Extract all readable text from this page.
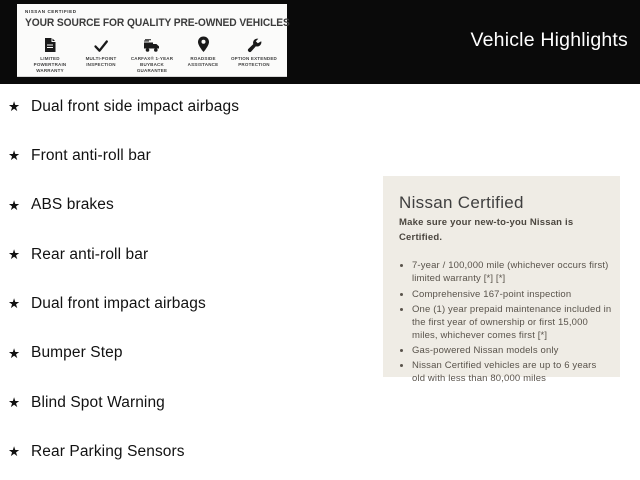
NISSAN CERTIFIED
YOUR SOURCE FOR QUALITY PRE-OWNED VEHICLES
LIMITED POWERTRAIN WARRANTY
MULTI-POINT INSPECTION
CARFAX® 1-YEAR BUYBACK GUARANTEE
ROADSIDE ASSISTANCE
OPTION EXTENDED PROTECTION
Vehicle Highlights
★ Dual front side impact airbags
★ Front anti-roll bar
★ ABS brakes
★ Rear anti-roll bar
★ Dual front impact airbags
★ Bumper Step
★ Blind Spot Warning
★ Rear Parking Sensors
Nissan Certified
Make sure your new-to-you Nissan is Certified.
• 7-year / 100,000 mile (whichever occurs first) limited warranty [*] [*]
• Comprehensive 167-point inspection
• One (1) year prepaid maintenance included in the first year of ownership or first 15,000 miles, whichever comes first [*]
• Gas-powered Nissan models only
• Nissan Certified vehicles are up to 6 years old with less than 80,000 miles
